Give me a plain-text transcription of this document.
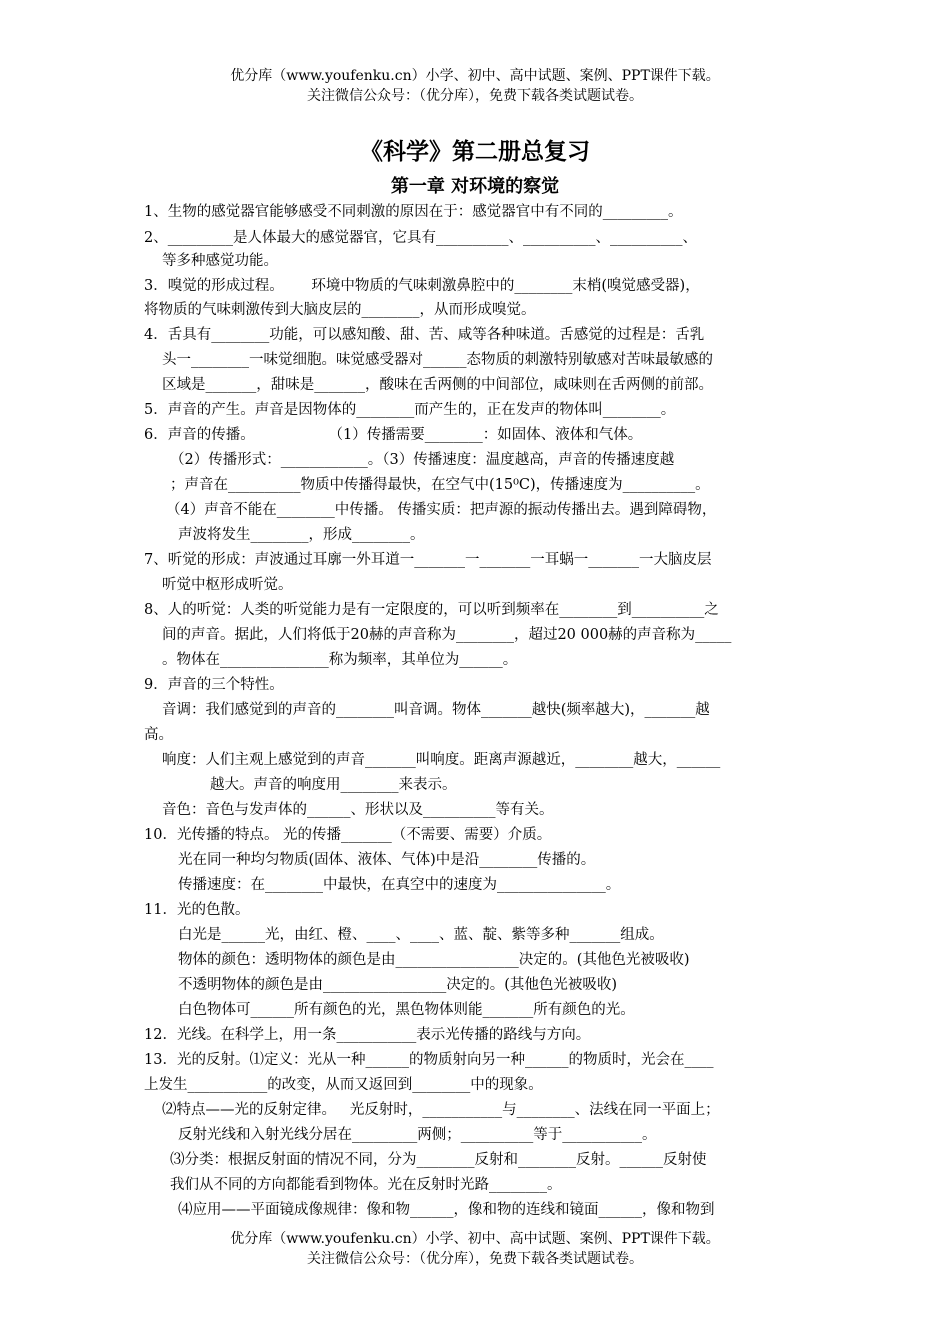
优分库（www.youfenku.cn）小学、初中、高中试题、案例、PPT课件下载。
关注微信公众号：（优分库），免费下载各类试题试卷。
《科学》第二册总复习
第一章 对环境的察觉
1、生物的感觉器官能够感受不同刺激的原因在于：感觉器官中有不同的_________。
2、_________是人体最大的感觉器官，它具有__________、__________、__________、
等多种感觉功能。
3．嗅觉的形成过程。      环境中物质的气味刺激鼻腔中的________末梢(嗅觉感受器)，
将物质的气味刺激传到大脑皮层的________，从而形成嗅觉。
4．舌具有________功能，可以感知酸、甜、苦、咸等各种味道。舌感觉的过程是：舌乳
头一________一味觉细胞。味觉感受器对______态物质的刺激特别敏感对苦味最敏感的
区域是_______，甜味是_______，酸味在舌两侧的中间部位，咸味则在舌两侧的前部。
5．声音的产生。声音是因物体的________而产生的，正在发声的物体叫________。
6．声音的传播。                （1）传播需要________：如固体、液体和气体。
（2）传播形式：____________。（3）传播速度：温度越高，声音的传播速度越
；声音在__________物质中传播得最快，在空气中(15⁰C)，传播速度为__________。
（4）声音不能在________中传播。 传播实质：把声源的振动传播出去。遇到障碍物，
声波将发生________，形成________。
7、听觉的形成：声波通过耳廓一外耳道一_______一_______一耳蜗一_______一大脑皮层
听觉中枢形成听觉。
8、人的听觉：人类的听觉能力是有一定限度的，可以听到频率在________到__________之
间的声音。据此，人们将低于20赫的声音称为________，超过20 000赫的声音称为_____
。物体在_______________称为频率，其单位为______。
9．声音的三个特性。
音调：我们感觉到的声音的________叫音调。物体_______越快(频率越大)，_______越
高。
响度：人们主观上感觉到的声音_______叫响度。距离声源越近，________越大，______
越大。声音的响度用________来表示。
音色：音色与发声体的______、形状以及__________等有关。
10．光传播的特点。 光的传播_______（不需要、需要）介质。
光在同一种均匀物质(固体、液体、气体)中是沿________传播的。
传播速度：在________中最快，在真空中的速度为_______________。
11．光的色散。
白光是______光，由红、橙、____、____、蓝、靛、紫等多种_______组成。
物体的颜色：透明物体的颜色是由_________________决定的。(其他色光被吸收)
不透明物体的颜色是由_________________决定的。(其他色光被吸收)
白色物体可______所有颜色的光，黑色物体则能_______所有颜色的光。
12．光线。在科学上，用一条___________表示光传播的路线与方向。
13．光的反射。⑴定义：光从一种______的物质射向另一种______的物质时，光会在____
上发生___________的改变，从而又返回到________中的现象。
⑵特点——光的反射定律。   光反射时，___________与________、法线在同一平面上；
反射光线和入射光线分居在_________两侧；__________等于___________。
⑶分类：根据反射面的情况不同，分为________反射和________反射。______反射使
我们从不同的方向都能看到物体。光在反射时光路________。
⑷应用——平面镜成像规律：像和物______，像和物的连线和镜面______，像和物到
优分库（www.youfenku.cn）小学、初中、高中试题、案例、PPT课件下载。
关注微信公众号：（优分库），免费下载各类试题试卷。
